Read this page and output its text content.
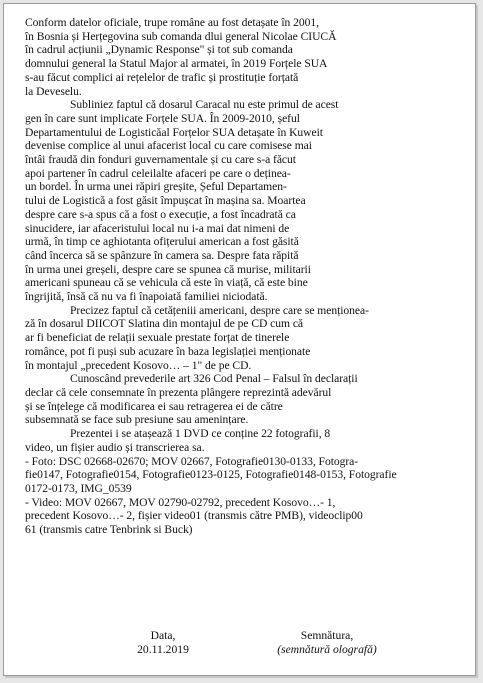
Conform datelor oficiale, trupe române au fost detașate în 2001,
în Bosnia și Herțegovina sub comanda dlui general Nicolae CIUCĂ
în cadrul acțiunii „Dynamic Response" și tot sub comanda
domnului general la Statul Major al armatei, în 2019 Forțele SUA
s-au făcut complici ai rețelelor de trafic și prostituție forțată
la Deveselu.
Subliniez faptul că dosarul Caracal nu este primul de acest
gen în care sunt implicate Forțele SUA. În 2009-2010, șeful
Departamentului de Logisticăal Forțelor SUA detașate în Kuweit
devenise complice al unui afacerist local cu care comisese mai
întâi fraudă din fonduri guvernamentale și cu care s-a făcut
apoi partener în cadrul celeilalte afaceri pe care o deținea-
un bordel. În urma unei răpiri greșite, Șeful Departamen-
tului de Logistică a fost găsit împușcat în mașina sa. Moartea
despre care s-a spus că a fost o execuție, a fost încadrată ca
sinucidere, iar afaceristului local nu i-a mai dat nimeni de
urmă, în timp ce aghiotanta ofițerului american a fost găsită
când încerca să se spânzure în camera sa. Despre fata răpită
în urma unei greșeli, despre care se spunea că murise, militarii
americani spuneau că se vehicula că este în viață, că este bine
îngrijită, însă că nu va fi înapoiată familiei niciodată.
Precizez faptul că cetățeniii americani, despre care se menționea-
ză în dosarul DIICOT Slatina din montajul de pe CD cum că
ar fi beneficiat de relații sexuale prestate forțat de tinerele
românce, pot fi puși sub acuzare în baza legislației menționate
în montajul „precedent Kosovo… – 1" de pe CD.
Cunoscând prevederile art 326 Cod Penal – Falsul în declarații
declar că cele consemnate în prezenta plângere reprezintă adevărul
și se înțelege că modificarea ei sau retragerea ei de către
subsemnată se face sub presiune sau amenințare.
Prezentei i se atașează 1 DVD ce conține 22 fotografii, 8
video, un fișier audio și transcrierea sa.
- Foto: DSC 02668-02670; MOV 02667, Fotografie0130-0133, Fotogra-
fie0147, Fotografie0154, Fotografie0123-0125, Fotografie0148-0153, Fotografie
0172-0173, IMG_0539
- Video: MOV 02667, MOV 02790-02792, precedent Kosovo…- 1,
precedent Kosovo…- 2, fișier video01 (transmis către PMB), videoclip00
61 (transmis catre Tenbrink si Buck)
Data,
20.11.2019
Semnătura,
(semnătură olografă)
